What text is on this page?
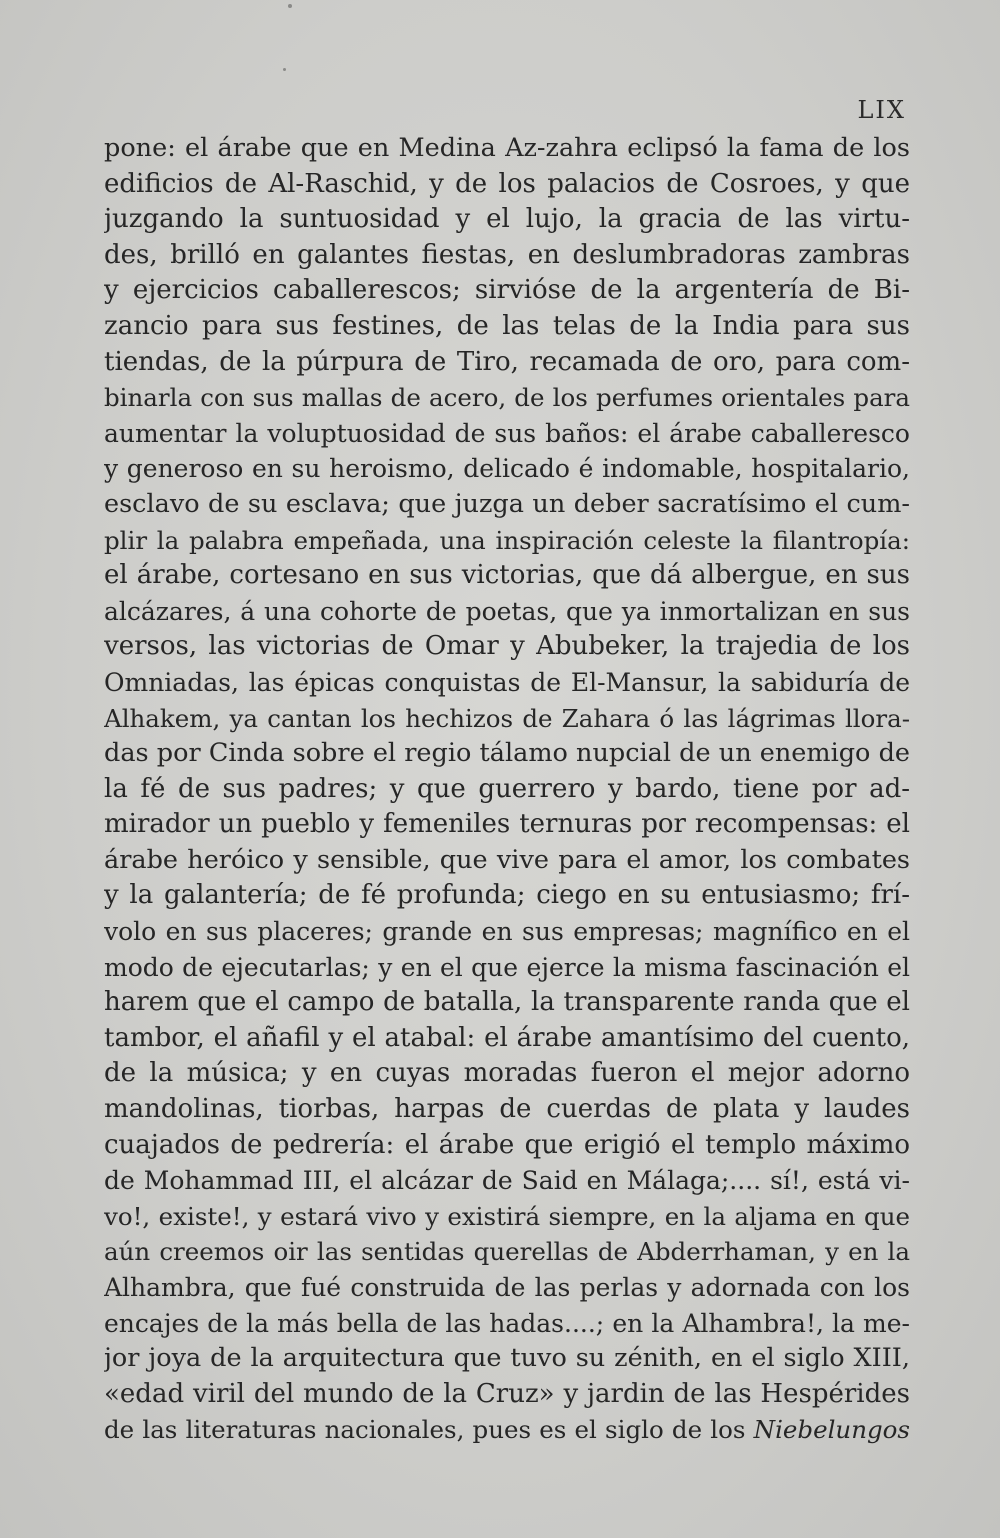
LIX
pone: el árabe que en Medina Az-zahra eclipsó la fama de los
edificios de Al-Raschid, y de los palacios de Cosroes, y que
juzgando la suntuosidad y el lujo, la gracia de las virtu-
des, brilló en galantes fiestas, en deslumbradoras zambras
y ejercicios caballerescos; sirvióse de la argentería de Bi-
zancio para sus festines, de las telas de la India para sus
tiendas, de la púrpura de Tiro, recamada de oro, para com-
binarla con sus mallas de acero, de los perfumes orientales para
aumentar la voluptuosidad de sus baños: el árabe caballeresco
y generoso en su heroismo, delicado é indomable, hospitalario,
esclavo de su esclava; que juzga un deber sacratísimo el cum-
plir la palabra empeñada, una inspiración celeste la filantropía:
el árabe, cortesano en sus victorias, que dá albergue, en sus
alcázares, á una cohorte de poetas, que ya inmortalizan en sus
versos, las victorias de Omar y Abubeker, la trajedia de los
Omniadas, las épicas conquistas de El-Mansur, la sabiduría de
Alhakem, ya cantan los hechizos de Zahara ó las lágrimas llora-
das por Cinda sobre el regio tálamo nupcial de un enemigo de
la fé de sus padres; y que guerrero y bardo, tiene por ad-
mirador un pueblo y femeniles ternuras por recompensas: el
árabe heróico y sensible, que vive para el amor, los combates
y la galantería; de fé profunda; ciego en su entusiasmo; frí-
volo en sus placeres; grande en sus empresas; magnífico en el
modo de ejecutarlas; y en el que ejerce la misma fascinación el
harem que el campo de batalla, la transparente randa que el
tambor, el añafil y el atabal: el árabe amantísimo del cuento,
de la música; y en cuyas moradas fueron el mejor adorno
mandolinas, tiorbas, harpas de cuerdas de plata y laudes
cuajados de pedrería: el árabe que erigió el templo máximo
de Mohammad III, el alcázar de Said en Málaga;.... sí!, está vi-
vo!, existe!, y estará vivo y existirá siempre, en la aljama en que
aún creemos oir las sentidas querellas de Abderrhaman, y en la
Alhambra, que fué construida de las perlas y adornada con los
encajes de la más bella de las hadas....; en la Alhambra!, la me-
jor joya de la arquitectura que tuvo su zénith, en el siglo XIII,
«edad viril del mundo de la Cruz» y jardin de las Hespérides
de las literaturas nacionales, pues es el siglo de los Niebelungos
